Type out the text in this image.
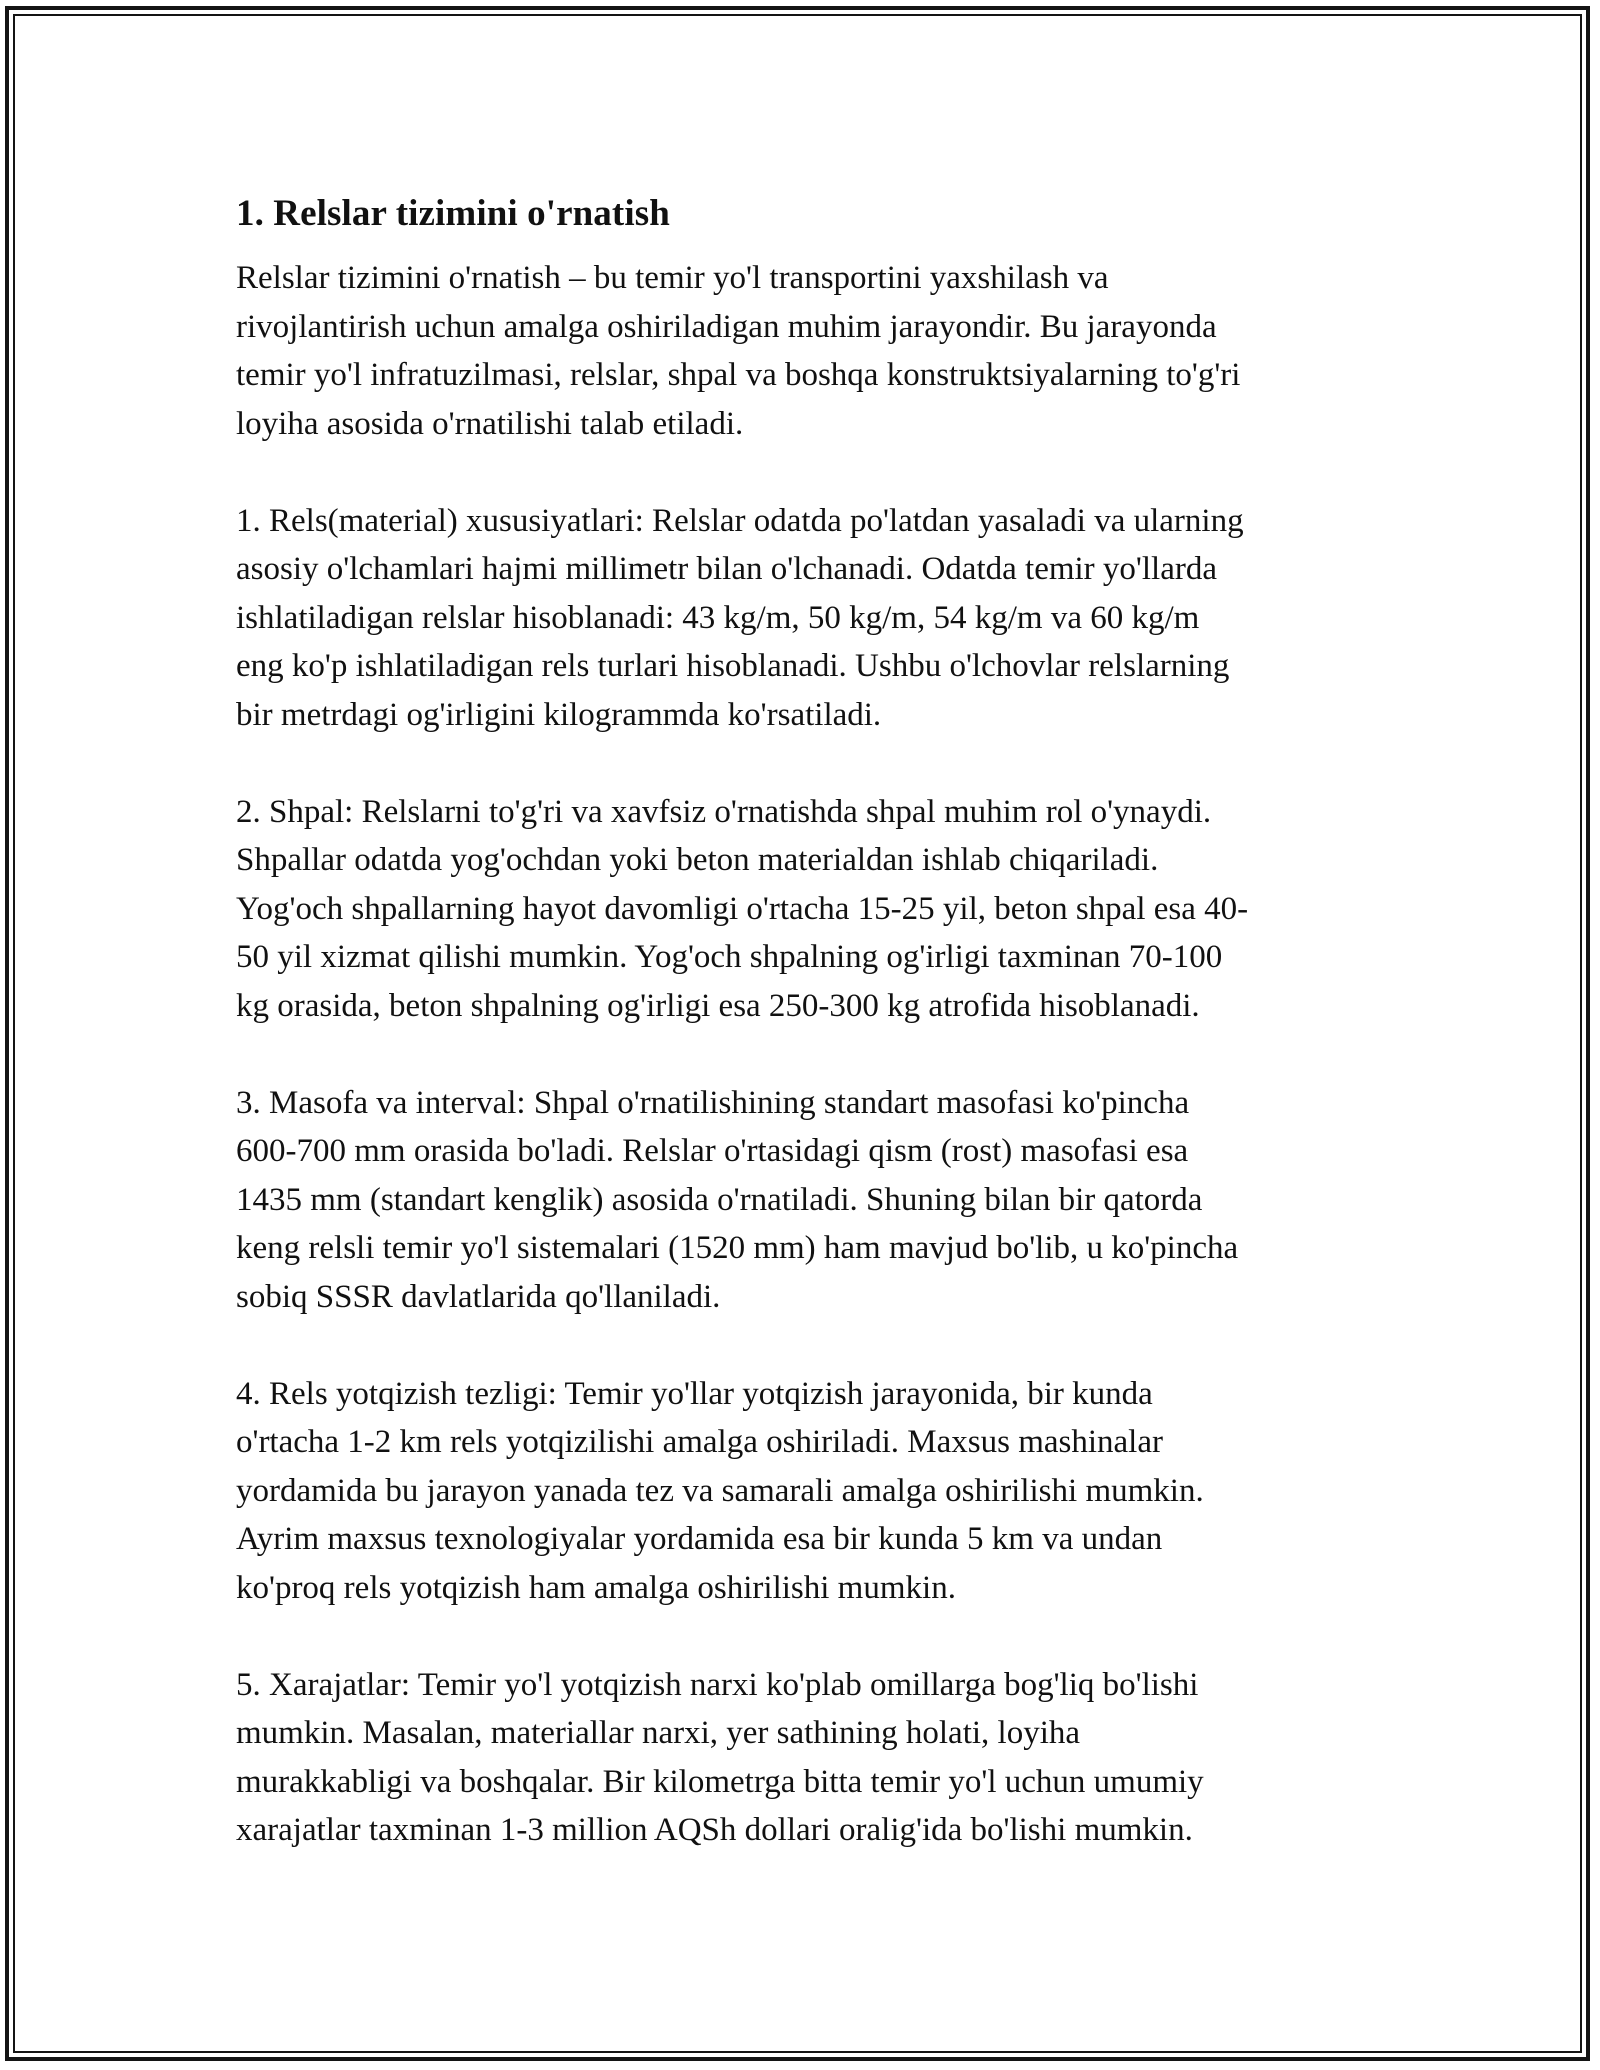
1. Relslar tizimini o'rnatish

Relslar tizimini o'rnatish – bu temir yo'l transportini yaxshilash va
rivojlantirish uchun amalga oshiriladigan muhim jarayondir. Bu jarayonda
temir yo'l infratuzilmasi, relslar, shpal va boshqa konstruktsiyalarning to'g'ri
loyiha asosida o'rnatilishi talab etiladi.

1. Rels(material) xususiyatlari: Relslar odatda po'latdan yasaladi va ularning
asosiy o'lchamlari hajmi millimetr bilan o'lchanadi. Odatda temir yo'llarda
ishlatiladigan relslar hisoblanadi: 43 kg/m, 50 kg/m, 54 kg/m va 60 kg/m
eng ko'p ishlatiladigan rels turlari hisoblanadi. Ushbu o'lchovlar relslarning
bir metrdagi og'irligini kilogrammda ko'rsatiladi.

2. Shpal: Relslarni to'g'ri va xavfsiz o'rnatishda shpal muhim rol o'ynaydi.
Shpallar odatda yog'ochdan yoki beton materialdan ishlab chiqariladi.
Yog'och shpallarning hayot davomligi o'rtacha 15-25 yil, beton shpal esa 40-
50 yil xizmat qilishi mumkin. Yog'och shpalning og'irligi taxminan 70-100
kg orasida, beton shpalning og'irligi esa 250-300 kg atrofida hisoblanadi.

3. Masofa va interval: Shpal o'rnatilishining standart masofasi ko'pincha
600-700 mm orasida bo'ladi. Relslar o'rtasidagi qism (rost) masofasi esa
1435 mm (standart kenglik) asosida o'rnatiladi. Shuning bilan bir qatorda
keng relsli temir yo'l sistemalari (1520 mm) ham mavjud bo'lib, u ko'pincha
sobiq SSSR davlatlarida qo'llaniladi.

4. Rels yotqizish tezligi: Temir yo'llar yotqizish jarayonida, bir kunda
o'rtacha 1-2 km rels yotqizilishi amalga oshiriladi. Maxsus mashinalar
yordamida bu jarayon yanada tez va samarali amalga oshirilishi mumkin.
Ayrim maxsus texnologiyalar yordamida esa bir kunda 5 km va undan
ko'proq rels yotqizish ham amalga oshirilishi mumkin.

5. Xarajatlar: Temir yo'l yotqizish narxi ko'plab omillarga bog'liq bo'lishi
mumkin. Masalan, materiallar narxi, yer sathining holati, loyiha
murakkabligi va boshqalar. Bir kilometrga bitta temir yo'l uchun umumiy
xarajatlar taxminan 1-3 million AQSh dollari oralig'ida bo'lishi mumkin.
